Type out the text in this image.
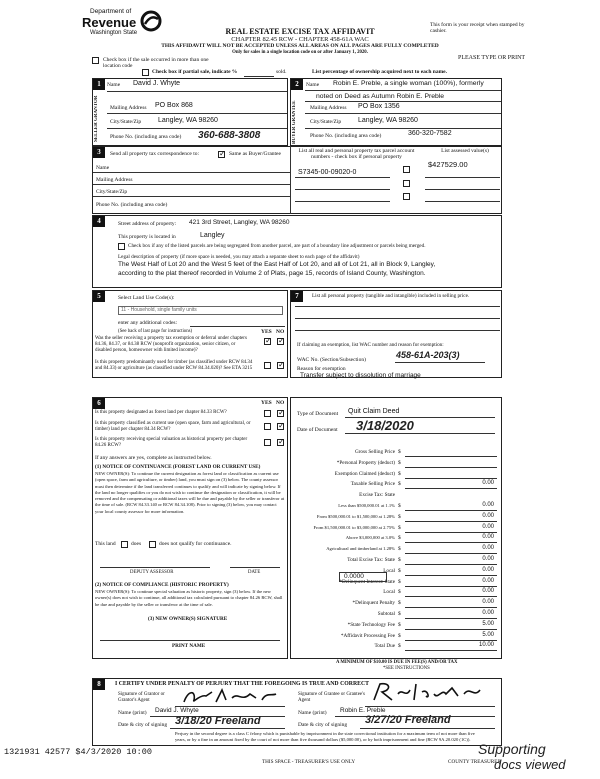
Department of
Revenue
Washington State	REAL ESTATE EXCISE TAX AFFIDAVIT
CHAPTER 82.45 RCW - CHAPTER 458-61A WAC
THIS AFFIDAVIT WILL NOT BE ACCEPTED UNLESS ALL AREAS ON ALL PAGES ARE FULLY COMPLETED
Only for sales in a single location code on or after January 1, 2020.
This form is your receipt when stamped by cashier.
PLEASE TYPE OR PRINT
Check box if the sale occurred in more than one location code
Check box if partial sale, indicate %	sold.	List percentage of ownership acquired next to each name.
1
SELLER GRANTOR
Name David J. Whyte
Mailing Address PO Box 868
City/State/Zip Langley, WA 98260
Phone No. (including area code) 360-688-3808
2
BUYER GRANTEE
Name Robin E. Preble, a single woman (100%), formerly
noted on Deed as Autumn Robin E. Preble
Mailing Address PO Box 1356
City/State/Zip Langley, WA 98260
Phone No. (including area code)	360-320-7582
3	Send all property tax correspondence to:
✓	Same as Buyer/Grantee
Name
Mailing Address
City/State/Zip
Phone No. (including area code)
List all real and personal property tax parcel account numbers - check box if personal property
List assessed value(s)
S7345-00-09020-0
$427529.00
4	Street address of property: 421 3rd Street, Langley, WA 98260
This property is located in	Langley
Check box if any of the listed parcels are being segregated from another parcel, are part of a boundary line adjustment or parcels being merged.
Legal description of property (if more space is needed, you may attach a separate sheet to each page of the affidavit)
The West Half of Lot 20 and the West 5 feet of the East Half of Lot 20, and all of Lot 21, all in Block 9, Langley,
according to the plat thereof recorded in Volume 2 of Plats, page 15, records of Island County, Washington.
5	Select Land Use Code(s):
11 - Household, single family units
enter any additional codes:
(See back of last page for instructions)	YES NO
Was the seller receiving a property tax exemption or deferral under chapters 84.36, 84.37, or 84.38 RCW (nonprofit organization, senior citizen, or disabled person, homeowner with limited income)?
✓
✓
Is this property predominantly used for timber (as classified under RCW 84.34 and 84.33) or agriculture (as classified under RCW 84.34.020)? See ETA 3215
✓
7	List all personal property (tangible and intangible) included in selling price.
If claiming an exemption, list WAC number and reason for exemption:
WAC No. (Section/Subsection)	458-61A-203(3)
Reason for exemption
Transfer subject to dissolution of marriage
6	YES NO
Is this property designated as forest land per chapter 84.33 RCW?
✓
Is this property classified as current use (open space, farm and agricultural, or timber) land per chapter 84.34 RCW?
✓
Is this property receiving special valuation as historical property per chapter 84.26 RCW?
✓
If any answers are yes, complete as instructed below.
(1) NOTICE OF CONTINUANCE (FOREST LAND OR CURRENT USE)
NEW OWNER(S): To continue the current designation as forest land or classification as current use (open space, farm and agriculture, or timber) land, you must sign on (3) below. The county assessor must then determine if the land transferred continues to qualify and will indicate by signing below. If the land no longer qualifies or you do not wish to continue the designation or classification, it will be removed and the compensating or additional taxes will be due and payable by the seller or transferor at the time of sale. (RCW 84.33.140 or RCW 84.34.108). Prior to signing (3) below, you may contact your local county assessor for more information.
This land	does	does not qualify for continuance.
DEPUTY ASSESSOR	DATE
(2) NOTICE OF COMPLIANCE (HISTORIC PROPERTY)
NEW OWNER(S): To continue special valuation as historic property, sign (3) below. If the new owner(s) does not wish to continue, all additional tax calculated pursuant to chapter 84.26 RCW, shall be due and payable by the seller or transferor at the time of sale.
(3) NEW OWNER(S) SIGNATURE
PRINT NAME
Type of Document Quit Claim Deed
Date of Document 3/18/2020
Gross Selling Price $
*Personal Property (deduct) $
Exemption Claimed (deduct) $
Taxable Selling Price $	0.00
Excise Tax: State
Less than $500,000.01 at 1.1% $	0.00
From $500,000.01 to $1,500,000 at 1.28% $	0.00
From $1,500,000.01 to $3,000,000 at 2.75% $	0.00
Above $3,000,000 at 3.0% $	0.00
Agricultural and timberland at 1.28% $	0.00
Total Excise Tax: State $	0.00
Local $	0.00
*Delinquent Interest: State $	0.00
Local $	0.00
*Delinquent Penalty $	0.00
Subtotal $	0.00
*State Technology Fee $	5.00
*Affidavit Processing Fee $	5.00
Total Due $	10.00
0.0000
A MINIMUM OF $10.00 IS DUE IN FEE(S) AND/OR TAX
*SEE INSTRUCTIONS
8	I CERTIFY UNDER PENALTY OF PERJURY THAT THE FOREGOING IS TRUE AND CORRECT
Signature of Grantor or Grantor's Agent
Signature of Grantee or Grantee's Agent
Name (print) David J. Whyte	Name (print) Robin E. Preble
Date & city of signing 3/18/20 Freeland	Date & city of signing 3/27/20 Freeland
Perjury in the second degree is a class C felony which is punishable by imprisonment in the state correctional institution for a maximum term of not more than five years, or by a fine in an amount fixed by the court of not more than five thousand dollars ($5,000.00), or by both imprisonment and fine (RCW 9A.20.020 (1C)).
THIS SPACE - TREASURER'S USE ONLY	COUNTY TREASURER
1321931 42577 $4/3/2020 10:00	Supporting
docs viewed
